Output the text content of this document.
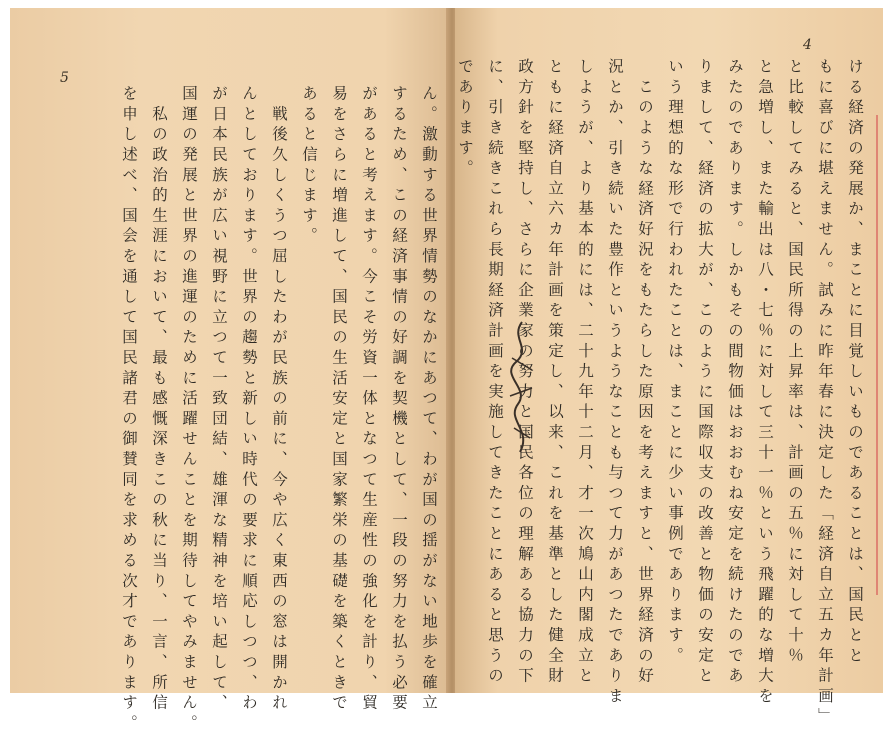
5
4
ん。激動する世界情勢のなかにあつて、わが国の揺がない地歩を確立
するため、この経済事情の好調を契機として、一段の努力を払う必要
があると考えます。今こそ労資一体となつて生産性の強化を計り、貿
易をさらに増進して、国民の生活安定と国家繁栄の基礎を築くときで
あると信じます。
　戦後久しくうつ屈したわが民族の前に、今や広く東西の窓は開かれ
んとしております。世界の趨勢と新しい時代の要求に順応しつつ、わ
が日本民族が広い視野に立つて一致団結、雄渾な精神を培い起して、
国運の発展と世界の進運のために活躍せんことを期待してやみません。
　私の政治的生涯において、最も感慨深きこの秋に当り、一言、所信
を申し述べ、国会を通して国民諸君の御賛同を求める次才であります。	ける経済の発展か、まことに目覚しいものであることは、国民とと
もに喜びに堪えません。試みに昨年春に決定した「経済自立五カ年計画」
と比較してみると、国民所得の上昇率は、計画の五％に対して十％
と急増し、また輸出は八・七％に対して三十一％という飛躍的な増大を
みたのであります。しかもその間物価はおおむね安定を続けたのであ
りまして、経済の拡大が、このように国際収支の改善と物価の安定と
いう理想的な形で行われたことは、まことに少い事例であります。
　このような経済好況をもたらした原因を考えますと、世界経済の好
況とか、引き続いた豊作というようなことも与つて力があつたでありま
しようが、より基本的には、二十九年十二月、才一次鳩山内閣成立と
ともに経済自立六カ年計画を策定し、以来、これを基準とした健全財
政方針を堅持し、さらに企業家の努力と国民各位の理解ある協力の下
に、引き続きこれら長期経済計画を実施してきたことにあると思うの
であります。
